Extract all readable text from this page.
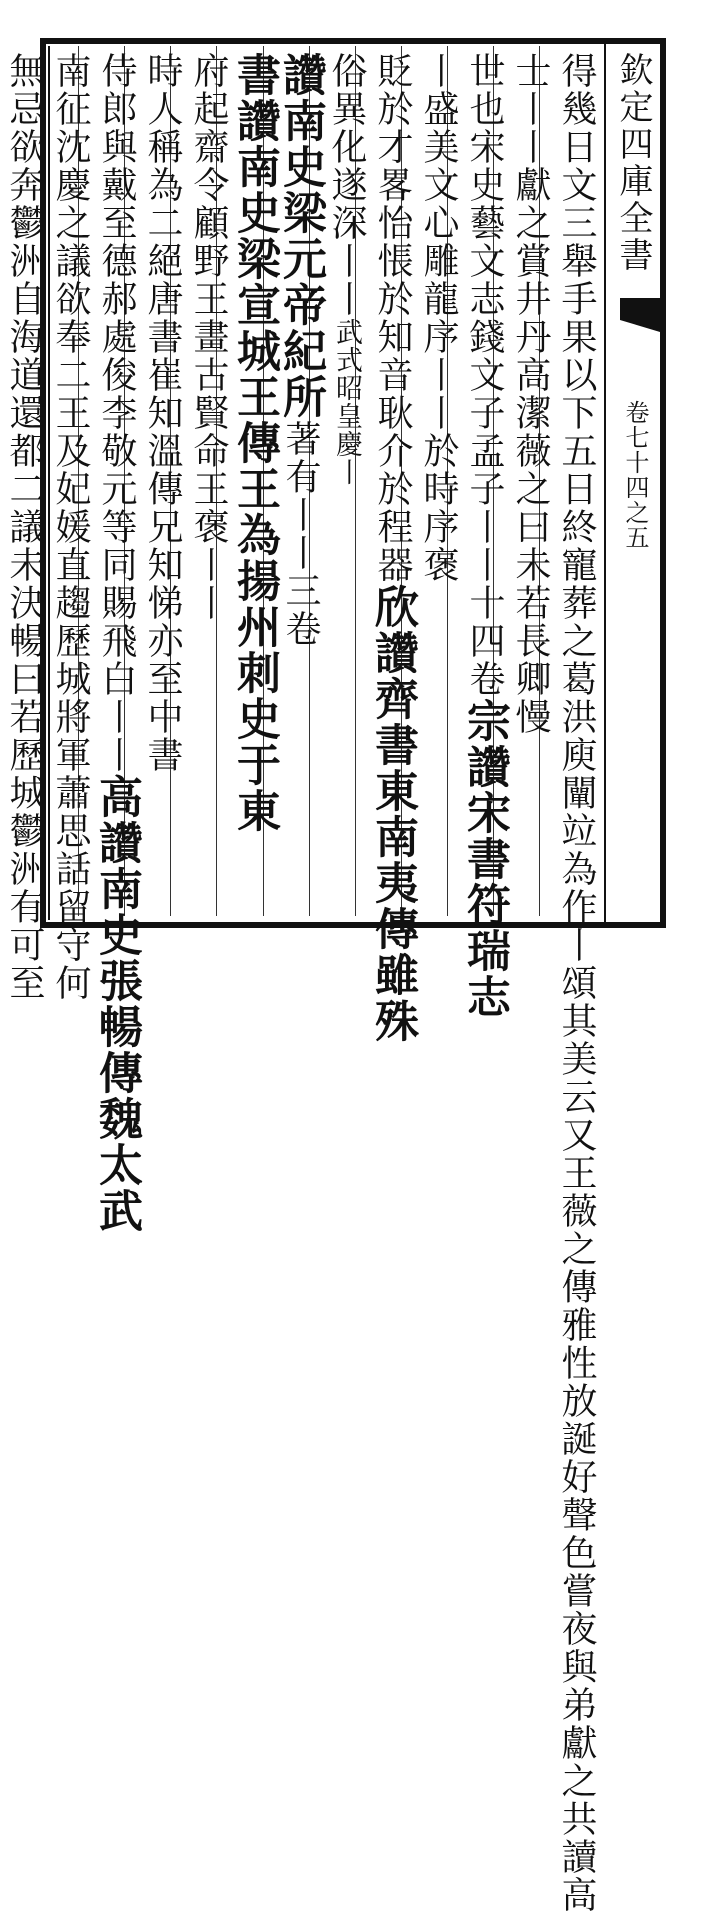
欽定四庫全書
卷七十四之五
得幾日文三舉手果以下五日終寵葬之葛洪庾闡竝為作丨頌其美云又王薇之傳雅性放誕好聲色嘗夜與弟獻之共讀高
士丨丨獻之賞井丹高潔薇之曰未若長卿慢
世也宋史藝文志錢文子孟子丨丨十四卷宗讚宋書符瑞志
丨盛美文心雕龍序丨丨於時序褒
貶於才畧怡悵於知音耿介於程器欣讚齊書東南夷傳雖殊
俗異化遂深丨丨武式昭皇慶丨
讚南史梁元帝紀所著有丨丨三卷
書讚南史梁宣城王傳王為揚州刺史于東
府起齋令顧野王畫古賢命王褒丨丨
時人稱為二絕唐書崔知溫傳兄知悌亦至中書
侍郎與戴至德郝處俊李敬元等同賜飛白丨丨高讚南史張暢傳魏太武
南征沈慶之議欲奉二王及妃媛直趨歷城將軍蕭思話留守何
無忌欲奔鬱洲自海道還都二議未決暢曰若歷城鬱洲有可至
